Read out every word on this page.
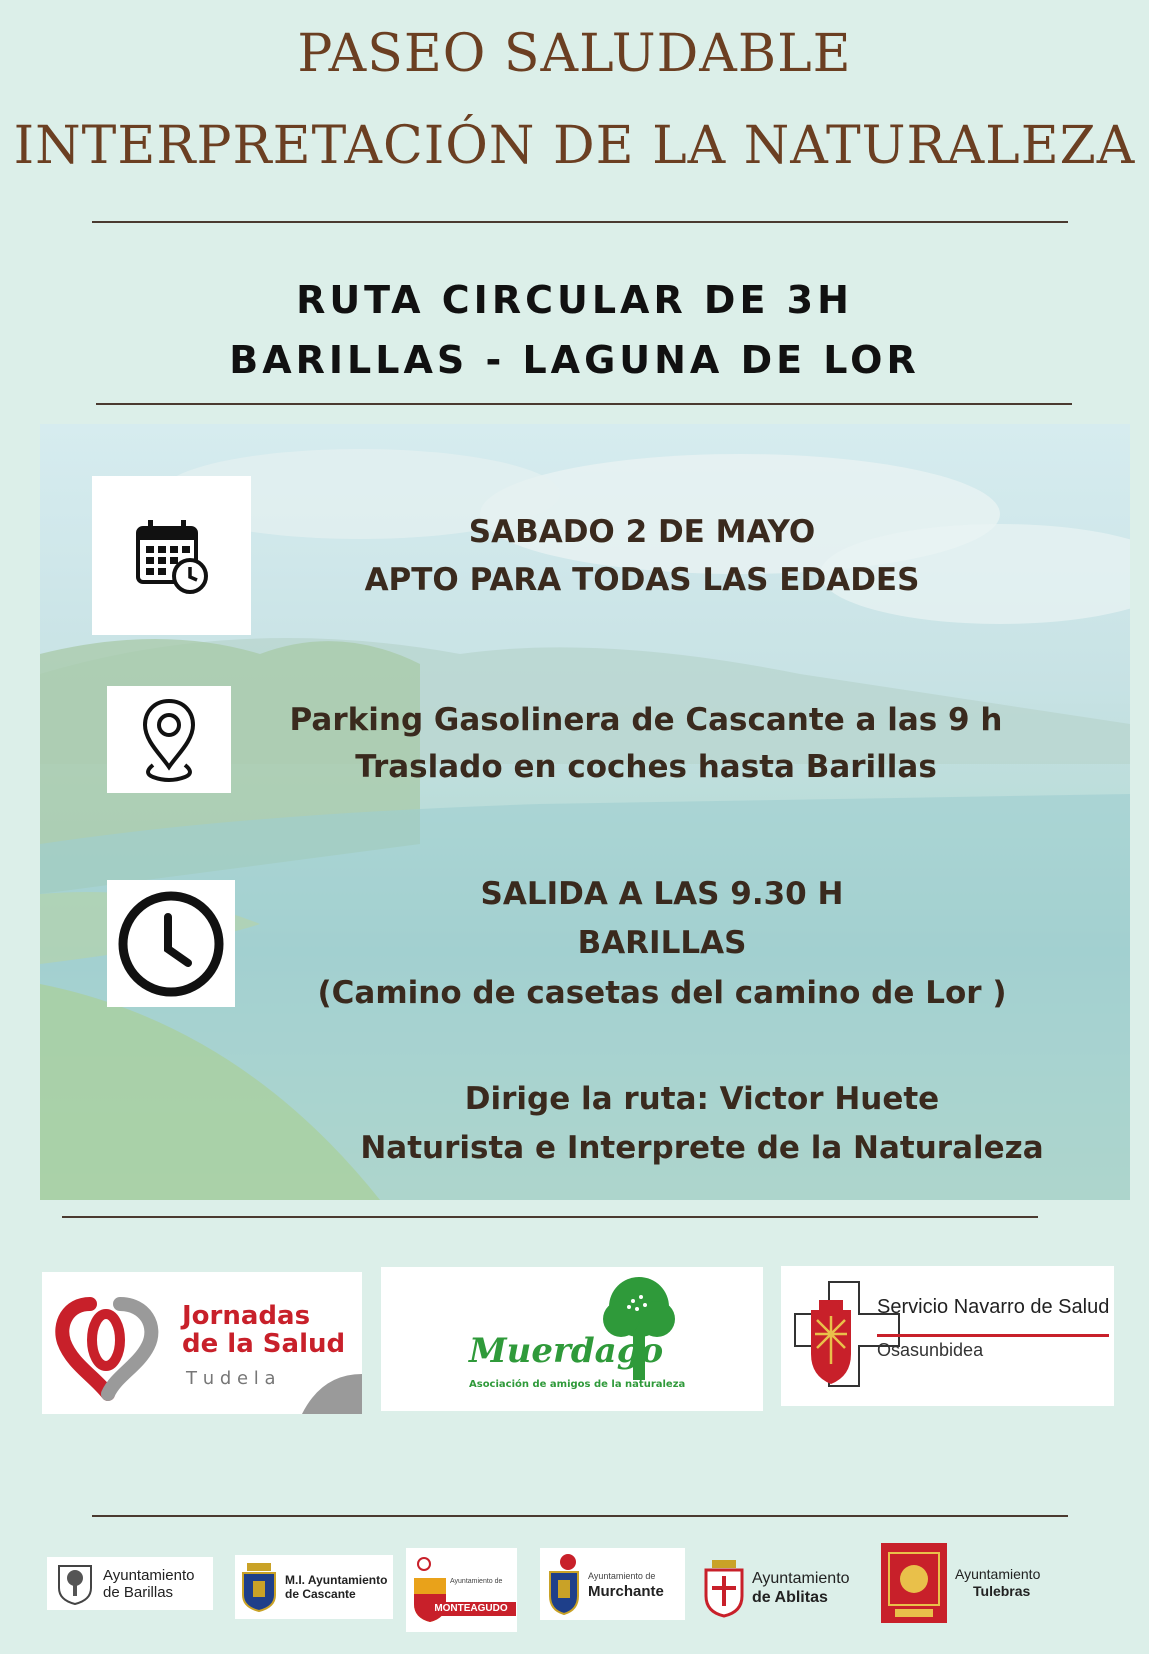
PASEO SALUDABLE
INTERPRETACIÓN DE LA NATURALEZA
RUTA CIRCULAR DE 3H
BARILLAS - LAGUNA DE LOR
SABADO 2 DE MAYO
APTO PARA TODAS LAS EDADES
Parking Gasolinera de Cascante a las 9 h
Traslado en coches hasta Barillas
SALIDA A LAS 9.30 H
BARILLAS
(Camino de casetas del camino de Lor )
Dirige la ruta: Victor Huete
Naturista e Interprete de la Naturaleza
Jornadas
de la Salud
T u d e l a
Muerdago
Asociación de amigos de la naturaleza
Servicio Navarro de Salud
Osasunbidea
Ayuntamiento
de Barillas
M.I. Ayuntamiento
de Cascante
Ayuntamiento de
MONTEAGUDO
Ayuntamiento de
Murchante
Ayuntamiento
de Ablitas
Ayuntamiento
Tulebras
